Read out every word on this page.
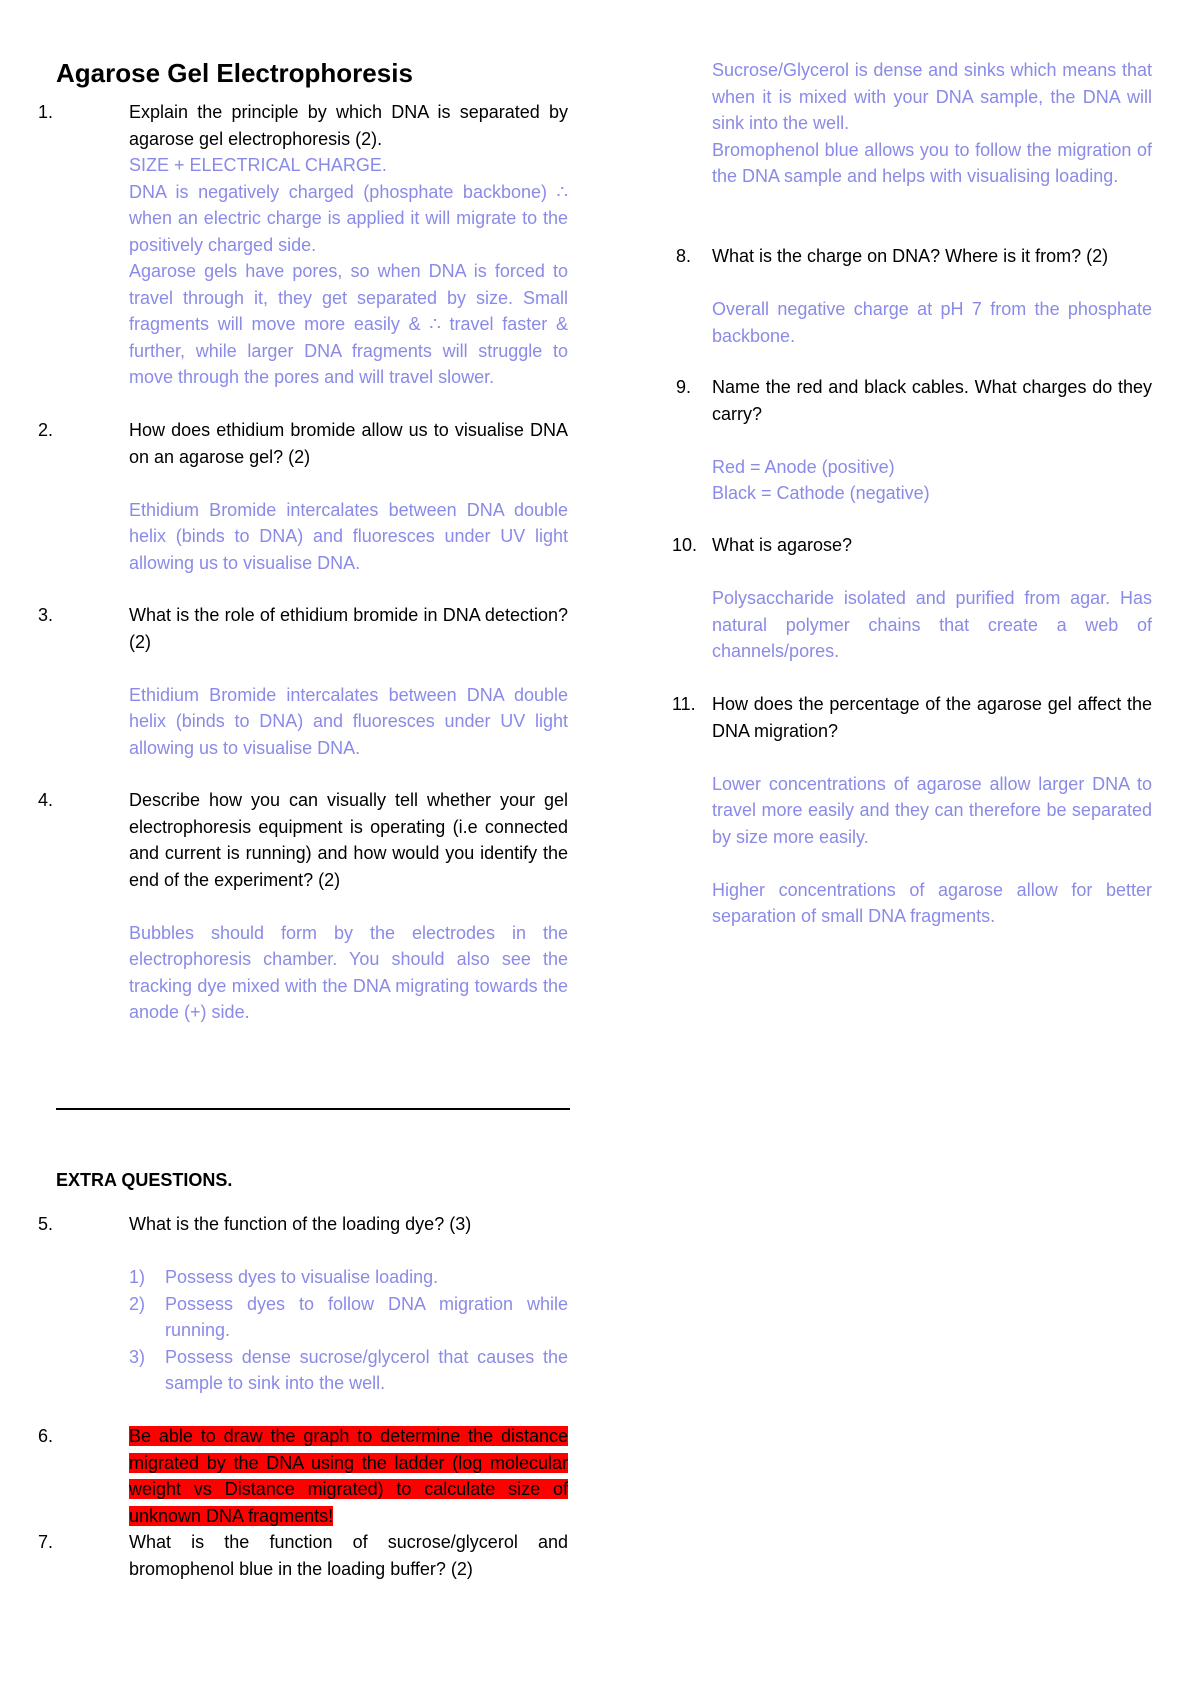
Agarose Gel Electrophoresis
1.	Explain the principle by which DNA is separated by agarose gel electrophoresis (2).
SIZE + ELECTRICAL CHARGE.
DNA is negatively charged (phosphate backbone) ∴ when an electric charge is applied it will migrate to the positively charged side.
Agarose gels have pores, so when DNA is forced to travel through it, they get separated by size. Small fragments will move more easily & ∴ travel faster & further, while larger DNA fragments will struggle to move through the pores and will travel slower.
2.	How does ethidium bromide allow us to visualise DNA on an agarose gel? (2)
Ethidium Bromide intercalates between DNA double helix (binds to DNA) and fluoresces under UV light allowing us to visualise DNA.
3.	What is the role of ethidium bromide in DNA detection? (2)
Ethidium Bromide intercalates between DNA double helix (binds to DNA) and fluoresces under UV light allowing us to visualise DNA.
4.	Describe how you can visually tell whether your gel electrophoresis equipment is operating (i.e connected and current is running) and how would you identify the end of the experiment? (2)
Bubbles should form by the electrodes in the electrophoresis chamber. You should also see the tracking dye mixed with the DNA migrating towards the anode (+) side.
5.	What is the function of the loading dye? (3)
1) Possess dyes to visualise loading.
2) Possess dyes to follow DNA migration while running.
3) Possess dense sucrose/glycerol that causes the sample to sink into the well.
6.	Be able to draw the graph to determine the distance migrated by the DNA using the ladder (log molecular weight vs Distance migrated) to calculate size of unknown DNA fragments!
7.	What is the function of sucrose/glycerol and bromophenol blue in the loading buffer? (2)
EXTRA QUESTIONS.
Sucrose/Glycerol is dense and sinks which means that when it is mixed with your DNA sample, the DNA will sink into the well.
Bromophenol blue allows you to follow the migration of the DNA sample and helps with visualising loading.
8.	What is the charge on DNA? Where is it from? (2)
Overall negative charge at pH 7 from the phosphate backbone.
9.	Name the red and black cables. What charges do they carry?
Red = Anode (positive)
Black = Cathode (negative)
10. What is agarose?
Polysaccharide isolated and purified from agar. Has natural polymer chains that create a web of channels/pores.
11. How does the percentage of the agarose gel affect the DNA migration?
Lower concentrations of agarose allow larger DNA to travel more easily and they can therefore be separated by size more easily.
Higher concentrations of agarose allow for better separation of small DNA fragments.
